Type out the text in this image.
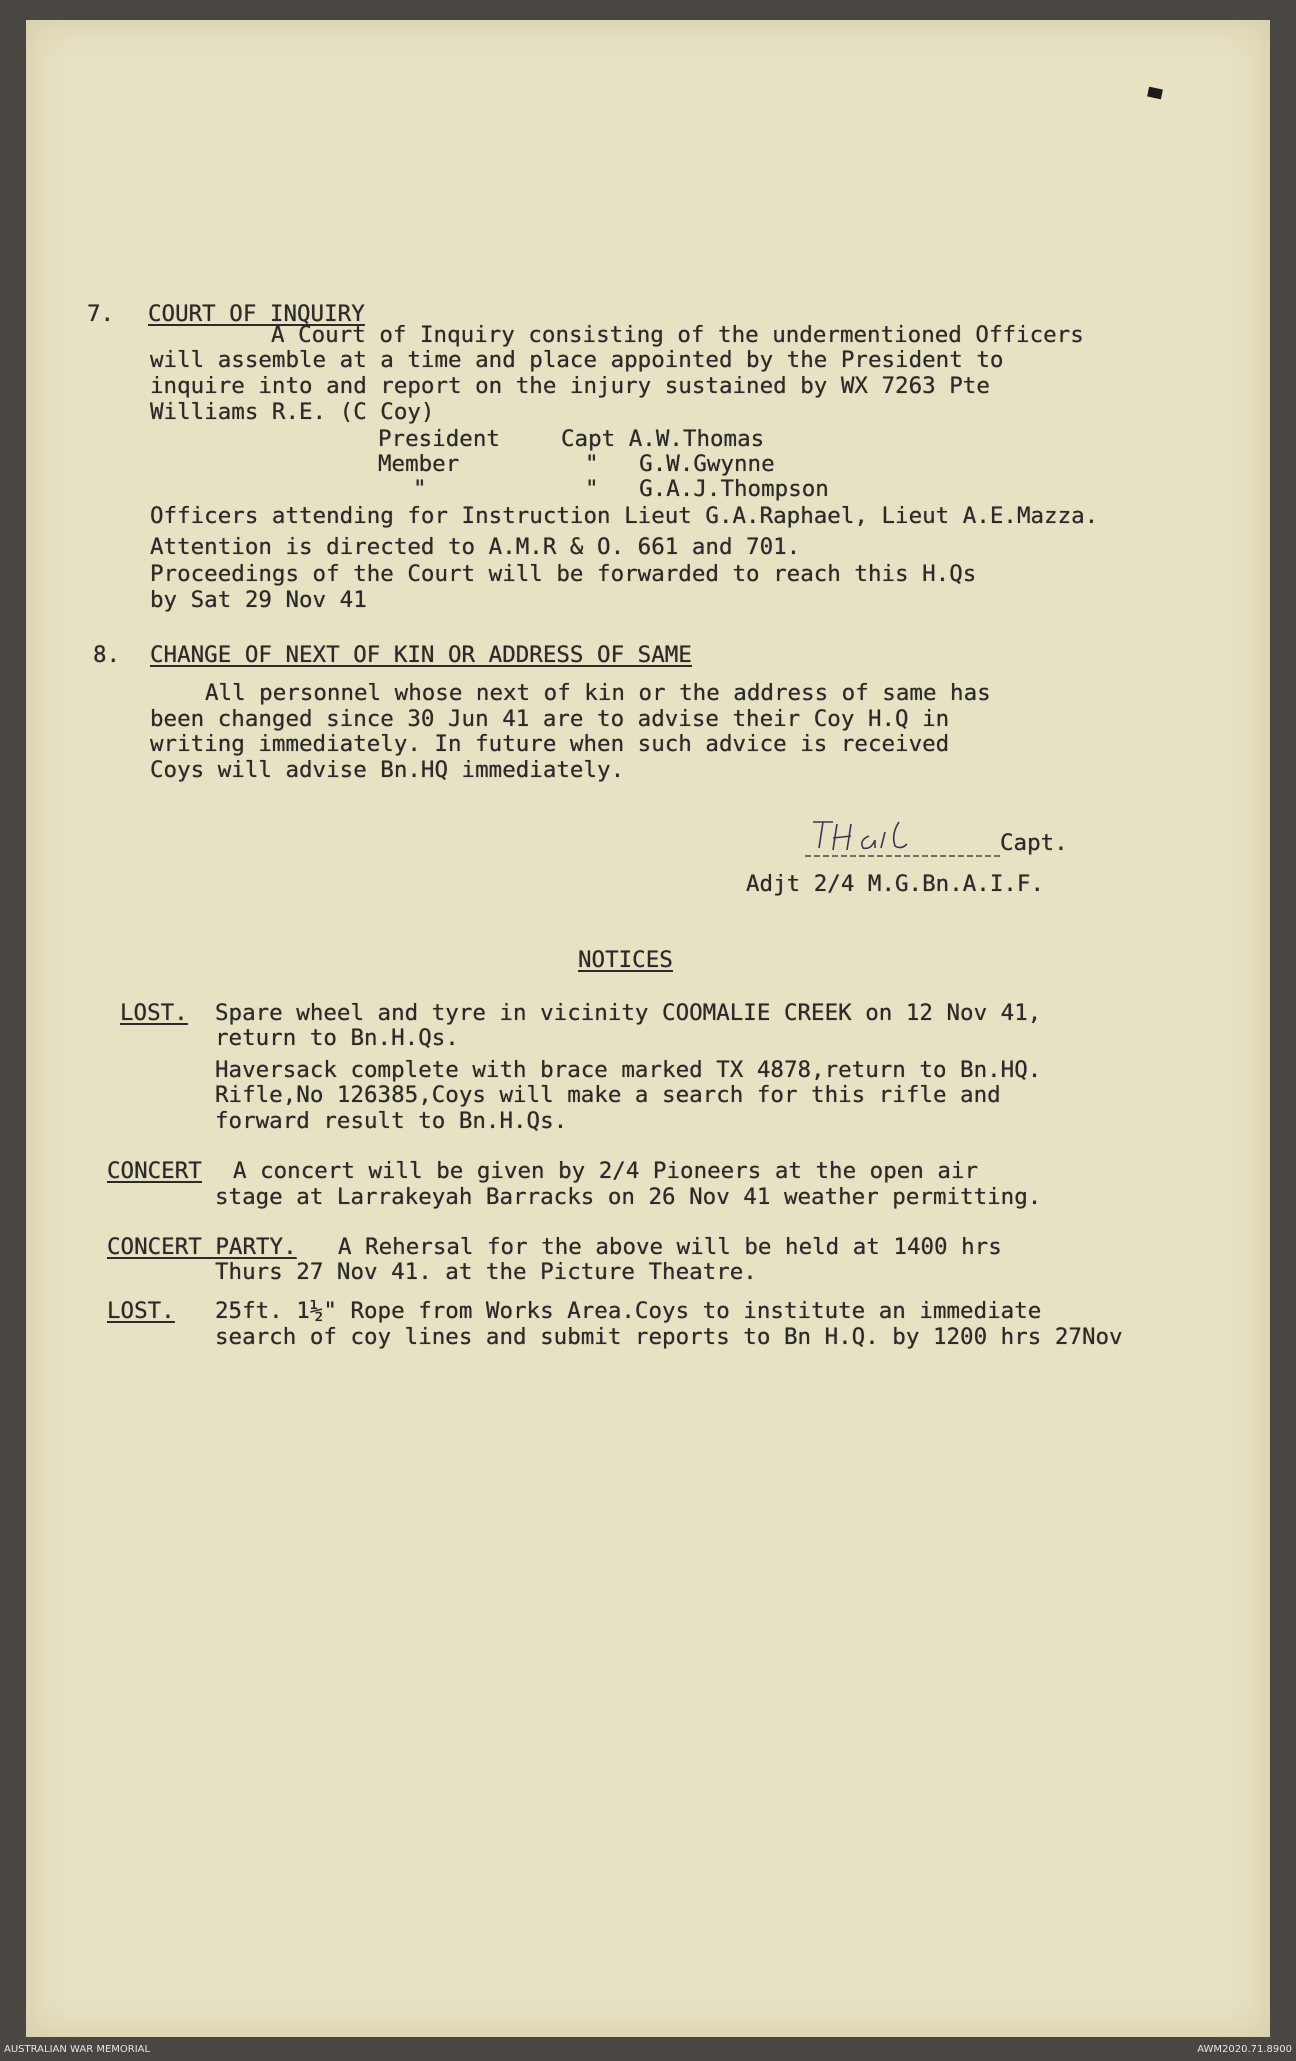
7. COURT OF INQUIRY
A Court of Inquiry consisting of the undermentioned Officers
will assemble at a time and place appointed by the President to
inquire into and report on the injury sustained by WX 7263 Pte
Williams R.E. (C Coy)
President	Capt A.W.Thomas
Member	"   G.W.Gwynne
"	"   G.A.J.Thompson
Officers attending for Instruction Lieut G.A.Raphael, Lieut A.E.Mazza.
Attention is directed to A.M.R & O. 661 and 701.
Proceedings of the Court will be forwarded to reach this H.Qs
by Sat 29 Nov 41
8. CHANGE OF NEXT OF KIN OR ADDRESS OF SAME
All personnel whose next of kin or the address of same has
been changed since 30 Jun 41 are to advise their Coy H.Q in
writing immediately. In future when such advice is received
Coys will advise Bn.HQ immediately.
Capt.
Adjt 2/4 M.G.Bn.A.I.F.
NOTICES
LOST. Spare wheel and tyre in vicinity COOMALIE CREEK on 12 Nov 41,
return to Bn.H.Qs.
Haversack complete with brace marked TX 4878,return to Bn.HQ.
Rifle,No 126385,Coys will make a search for this rifle and
forward result to Bn.H.Qs.
CONCERT A concert will be given by 2/4 Pioneers at the open air
stage at Larrakeyah Barracks on 26 Nov 41 weather permitting.
CONCERT PARTY. A Rehersal for the above will be held at 1400 hrs
Thurs 27 Nov 41. at the Picture Theatre.
LOST. 25ft. 1½" Rope from Works Area.Coys to institute an immediate
search of coy lines and submit reports to Bn H.Q. by 1200 hrs 27Nov
AUSTRALIAN WAR MEMORIAL	AWM2020.71.8900
